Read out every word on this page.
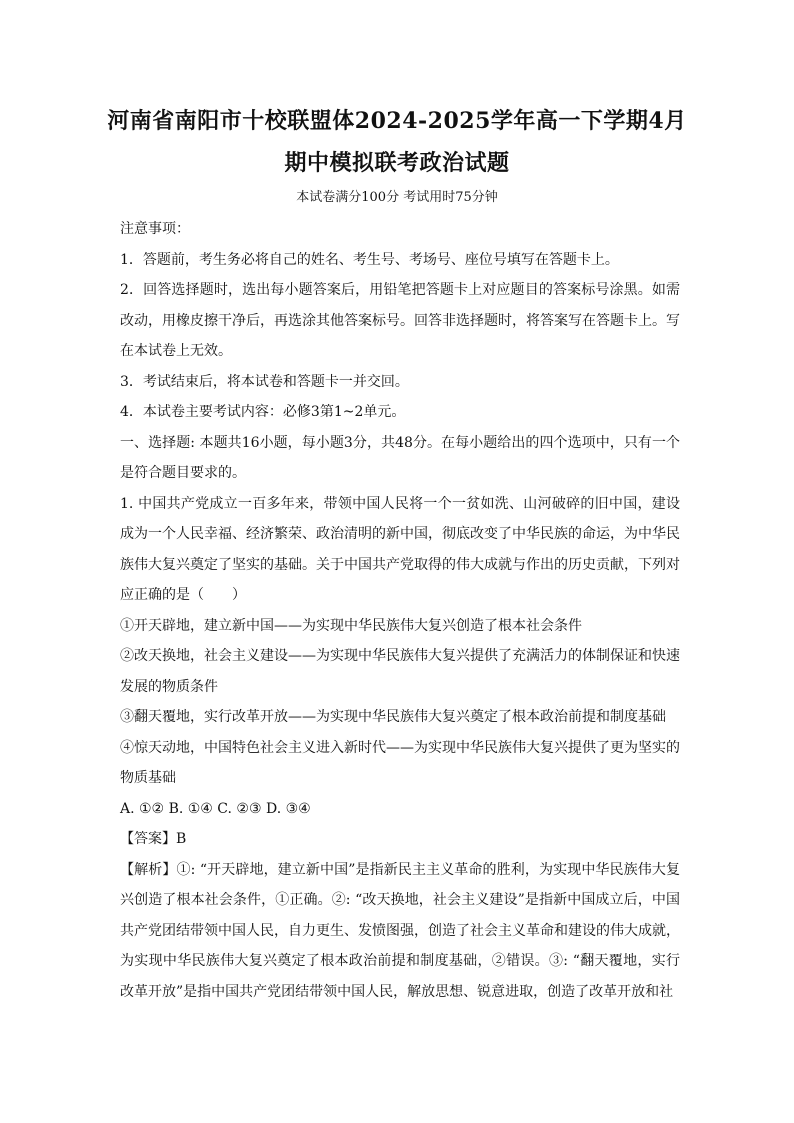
河南省南阳市十校联盟体2024-2025学年高一下学期4月
期中模拟联考政治试题
本试卷满分100分 考试用时75分钟

注意事项：

1．答题前，考生务必将自己的姓名、考生号、考场号、座位号填写在答题卡上。

2．回答选择题时，选出每小题答案后，用铅笔把答题卡上对应题目的答案标号涂黑。如需改动，用橡皮擦干净后，再选涂其他答案标号。回答非选择题时，将答案写在答题卡上。写在本试卷上无效。

3．考试结束后，将本试卷和答题卡一并交回。

4．本试卷主要考试内容：必修3第1~2单元。

一、选择题: 本题共16小题，每小题3分，共48分。在每小题给出的四个选项中，只有一个是符合题目要求的。

1. 中国共产党成立一百多年来，带领中国人民将一个一贫如洗、山河破碎的旧中国，建设成为一个人民幸福、经济繁荣、政治清明的新中国，彻底改变了中华民族的命运，为中华民族伟大复兴奠定了坚实的基础。关于中国共产党取得的伟大成就与作出的历史贡献，下列对应正确的是（　　）

①开天辟地，建立新中国——为实现中华民族伟大复兴创造了根本社会条件

②改天换地，社会主义建设——为实现中华民族伟大复兴提供了充满活力的体制保证和快速发展的物质条件

③翻天覆地，实行改革开放——为实现中华民族伟大复兴奠定了根本政治前提和制度基础

④惊天动地，中国特色社会主义进入新时代——为实现中华民族伟大复兴提供了更为坚实的物质基础

A. ①② B. ①④ C. ②③ D. ③④

【答案】B

【解析】①: “开天辟地，建立新中国”是指新民主主义革命的胜利，为实现中华民族伟大复兴创造了根本社会条件，①正确。②: “改天换地，社会主义建设”是指新中国成立后，中国共产党团结带领中国人民，自力更生、发愤图强，创造了社会主义革命和建设的伟大成就，为实现中华民族伟大复兴奠定了根本政治前提和制度基础，②错误。③: “翻天覆地，实行改革开放”是指中国共产党团结带领中国人民，解放思想、锐意进取，创造了改革开放和社
